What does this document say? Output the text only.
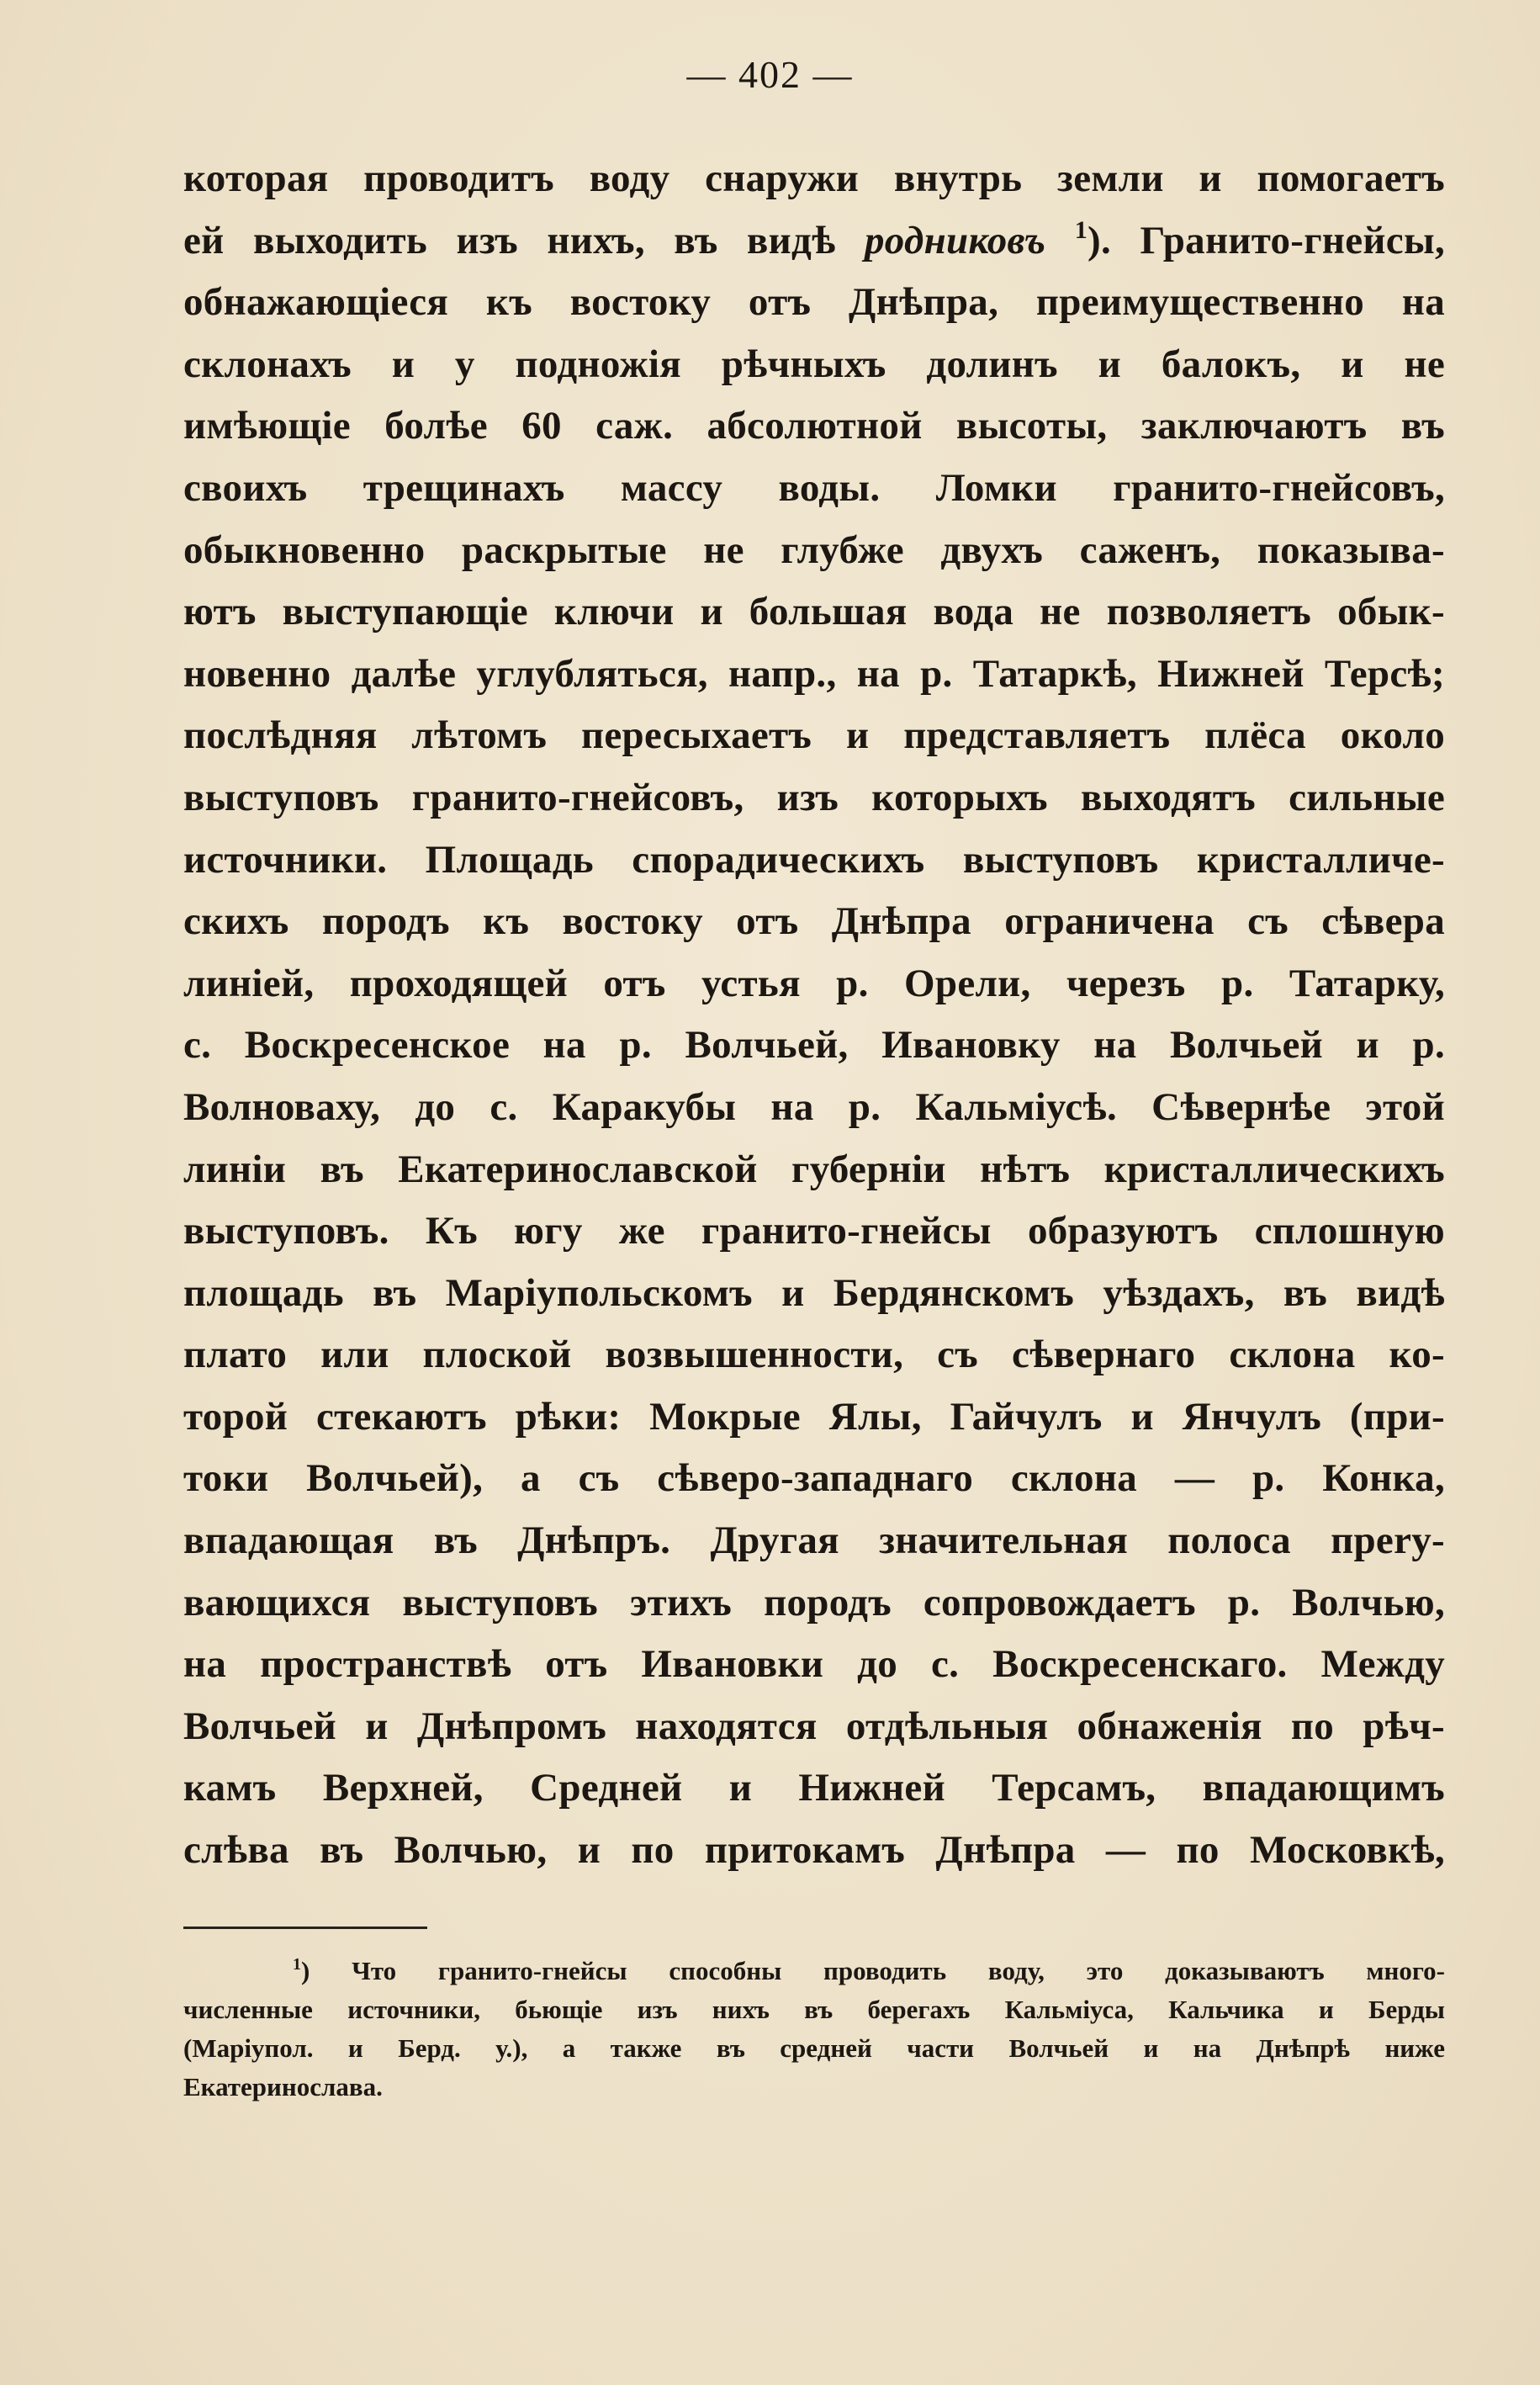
— 402 —
которая проводитъ воду снаружи внутрь земли и помогаетъ
ей выходить изъ нихъ, въ видѣ родниковъ $^1$). Гранито-гнейсы,
обнажающіеся къ востоку отъ Днѣпра, преимущественно на
склонахъ и у подножія рѣчныхъ долинъ и балокъ, и не
имѣющіе болѣе 60 саж. абсолютной высоты, заключаютъ въ
своихъ трещинахъ массу воды. Ломки гранито-гнейсовъ,
обыкновенно раскрытые не глубже двухъ саженъ, показыва-
ютъ выступающіе ключи и большая вода не позволяетъ обык-
новенно далѣе углубляться, напр., на р. Татаркѣ, Нижней Терсѣ;
послѣдняя лѣтомъ пересыхаетъ и представляетъ плёса около
выступовъ гранито-гнейсовъ, изъ которыхъ выходятъ сильные
источники. Площадь спорадическихъ выступовъ кристалличе-
скихъ породъ къ востоку отъ Днѣпра ограничена съ сѣвера
линіей, проходящей отъ устья р. Орели, черезъ р. Татарку,
с. Воскресенское на р. Волчьей, Ивановку на Волчьей и р.
Волноваху, до с. Каракубы на р. Кальміусѣ. Сѣвернѣе этой
линіи въ Екатеринославской губерніи нѣтъ кристаллическихъ
выступовъ. Къ югу же гранито-гнейсы образуютъ сплошную
площадь въ Маріупольскомъ и Бердянскомъ уѣздахъ, въ видѣ
плато или плоской возвышенности, съ сѣвернаго склона ко-
торой стекаютъ рѣки: Мокрые Ялы, Гайчулъ и Янчулъ (при-
токи Волчьей), а съ сѣверо-западнаго склона — р. Конка,
впадающая въ Днѣпръ. Другая значительная полоса прery-
вающихся выступовъ этихъ породъ сопровождаетъ р. Волчью,
на пространствѣ отъ Ивановки до с. Воскресенскаго. Между
Волчьей и Днѣпромъ находятся отдѣльныя обнаженія по рѣч-
камъ Верхней, Средней и Нижней Терсамъ, впадающимъ
слѣва въ Волчью, и по притокамъ Днѣпра — по Московкѣ,
$^1$) Что гранито-гнейсы способны проводить воду, это доказываютъ много-
численные источники, бьющіе изъ нихъ въ берегахъ Кальміуса, Кальчика и Берды
(Маріупол. и Берд. у.), а также въ средней части Волчьей и на Днѣпрѣ ниже
Екатеринослава.
